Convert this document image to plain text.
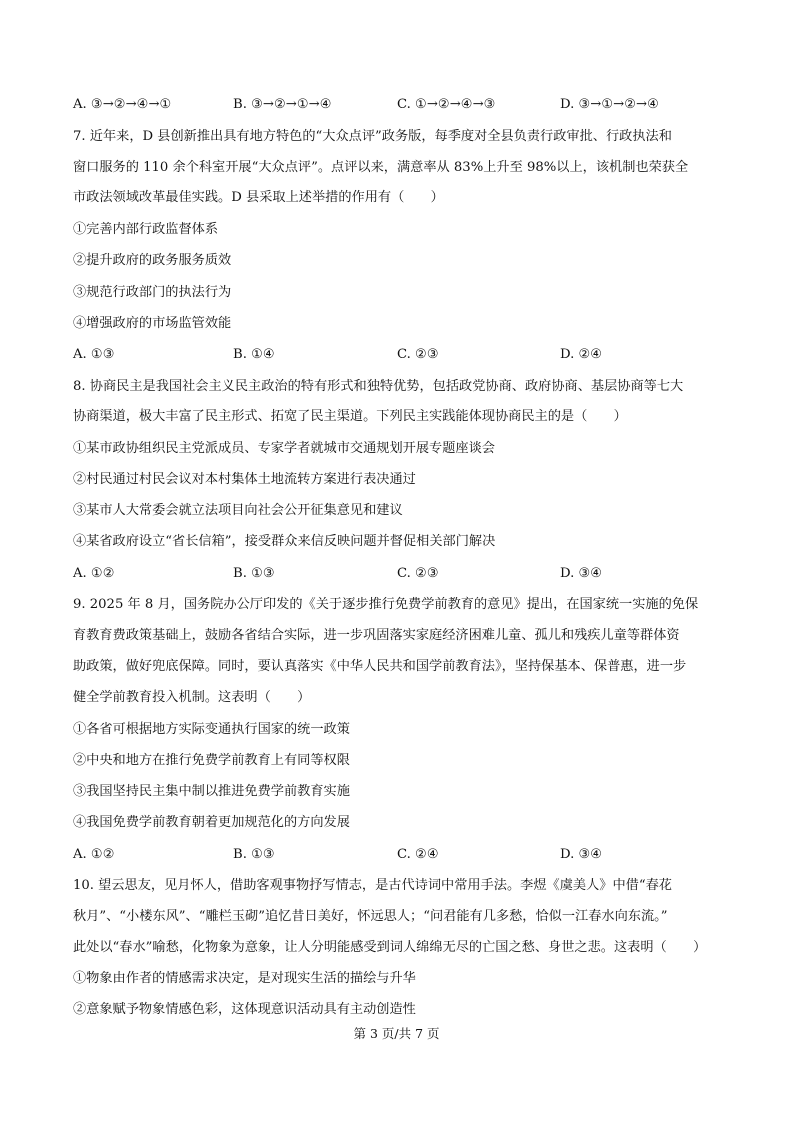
A. ③→②→④→①	B. ③→②→①→④	C. ①→②→④→③	D. ③→①→②→④
7. 近年来，D 县创新推出具有地方特色的“大众点评”政务版，每季度对全县负责行政审批、行政执法和
窗口服务的 110 余个科室开展“大众点评”。点评以来，满意率从 83%上升至 98%以上，该机制也荣获全
市政法领域改革最佳实践。D 县采取上述举措的作用有（　　）
①完善内部行政监督体系
②提升政府的政务服务质效
③规范行政部门的执法行为
④增强政府的市场监管效能
A. ①③	B. ①④	C. ②③	D. ②④
8. 协商民主是我国社会主义民主政治的特有形式和独特优势，包括政党协商、政府协商、基层协商等七大
协商渠道，极大丰富了民主形式、拓宽了民主渠道。下列民主实践能体现协商民主的是（　　）
①某市政协组织民主党派成员、专家学者就城市交通规划开展专题座谈会
②村民通过村民会议对本村集体土地流转方案进行表决通过
③某市人大常委会就立法项目向社会公开征集意见和建议
④某省政府设立“省长信箱”，接受群众来信反映问题并督促相关部门解决
A. ①②	B. ①③	C. ②③	D. ③④
9. 2025 年 8 月，国务院办公厅印发的《关于逐步推行免费学前教育的意见》提出，在国家统一实施的免保
育教育费政策基础上，鼓励各省结合实际，进一步巩固落实家庭经济困难儿童、孤儿和残疾儿童等群体资
助政策，做好兜底保障。同时，要认真落实《中华人民共和国学前教育法》，坚持保基本、保普惠，进一步
健全学前教育投入机制。这表明（　　）
①各省可根据地方实际变通执行国家的统一政策
②中央和地方在推行免费学前教育上有同等权限
③我国坚持民主集中制以推进免费学前教育实施
④我国免费学前教育朝着更加规范化的方向发展
A. ①②	B. ①③	C. ②④	D. ③④
10. 望云思友，见月怀人，借助客观事物抒写情志，是古代诗词中常用手法。李煜《虞美人》中借“春花
秋月”、“小楼东风”、“雕栏玉砌”追忆昔日美好，怀远思人；“问君能有几多愁，恰似一江春水向东流。”
此处以“春水”喻愁，化物象为意象，让人分明能感受到词人绵绵无尽的亡国之愁、身世之悲。这表明（　　）
①物象由作者的情感需求决定，是对现实生活的描绘与升华
②意象赋予物象情感色彩，这体现意识活动具有主动创造性
第 3 页/共 7 页
